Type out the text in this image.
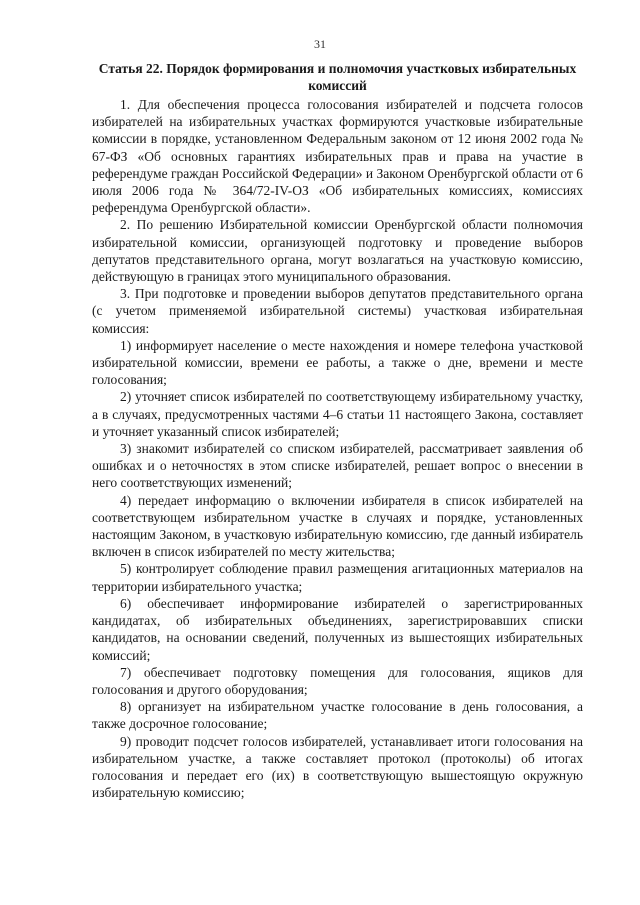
31

Статья 22. Порядок формирования и полномочия участковых избирательных комиссий

1. Для обеспечения процесса голосования избирателей и подсчета голосов избирателей на избирательных участках формируются участковые избирательные комиссии в порядке, установленном Федеральным законом от 12 июня 2002 года № 67-ФЗ «Об основных гарантиях избирательных прав и права на участие в референдуме граждан Российской Федерации» и Законом Оренбургской области от 6 июля 2006 года № 364/72-IV-ОЗ «Об избирательных комиссиях, комиссиях референдума Оренбургской области».

2. По решению Избирательной комиссии Оренбургской области полномочия избирательной комиссии, организующей подготовку и проведение выборов депутатов представительного органа, могут возлагаться на участковую комиссию, действующую в границах этого муниципального образования.

3. При подготовке и проведении выборов депутатов представительного органа (с учетом применяемой избирательной системы) участковая избирательная комиссия:

1) информирует население о месте нахождения и номере телефона участковой избирательной комиссии, времени ее работы, а также о дне, времени и месте голосования;

2) уточняет список избирателей по соответствующему избирательному участку, а в случаях, предусмотренных частями 4–6 статьи 11 настоящего Закона, составляет и уточняет указанный список избирателей;

3) знакомит избирателей со списком избирателей, рассматривает заявления об ошибках и о неточностях в этом списке избирателей, решает вопрос о внесении в него соответствующих изменений;

4) передает информацию о включении избирателя в список избирателей на соответствующем избирательном участке в случаях и порядке, установленных настоящим Законом, в участковую избирательную комиссию, где данный избиратель включен в список избирателей по месту жительства;

5) контролирует соблюдение правил размещения агитационных материалов на территории избирательного участка;

6) обеспечивает информирование избирателей о зарегистрированных кандидатах, об избирательных объединениях, зарегистрировавших списки кандидатов, на основании сведений, полученных из вышестоящих избирательных комиссий;

7) обеспечивает подготовку помещения для голосования, ящиков для голосования и другого оборудования;

8) организует на избирательном участке голосование в день голосования, а также досрочное голосование;

9) проводит подсчет голосов избирателей, устанавливает итоги голосования на избирательном участке, а также составляет протокол (протоколы) об итогах голосования и передает его (их) в соответствующую вышестоящую окружную избирательную комиссию;
